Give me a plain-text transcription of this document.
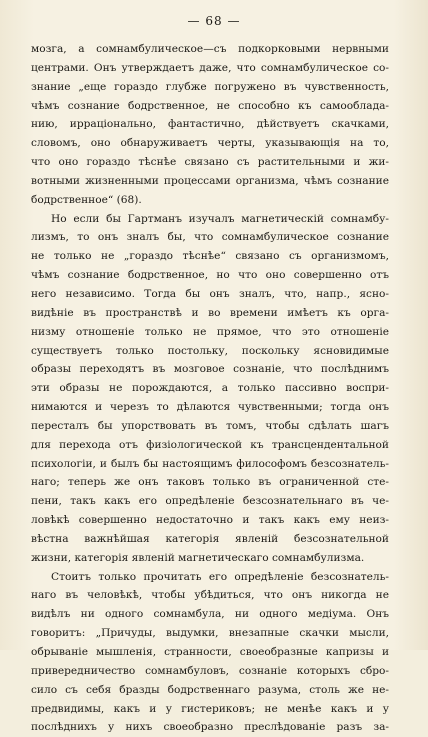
— 68 —
мозга, а сомнамбулическое—съ подкорковыми нервными
центрами. Онъ утверждаетъ даже, что сомнамбулическое со-
знание „еще гораздо глубже погружено въ чувственность,
чѣмъ сознание бодрственное, не способно къ самооблада-
нию, ирраціонально, фантастично, дѣйствуетъ скачками,
словомъ, оно обнаруживаетъ черты, указывающія на то,
что оно гораздо тѣснѣе связано съ растительными и жи-
вотными жизненными процессами организма, чѣмъ сознание
бодрственное“ (68).
Но если бы Гартманъ изучалъ магнетическій сомнамбу-
лизмъ, то онъ зналъ бы, что сомнамбулическое сознание
не только не „гораздо тѣснѣе“ связано съ организмомъ,
чѣмъ сознание бодрственное, но что оно совершенно отъ
него независимо. Тогда бы онъ зналъ, что, напр., ясно-
видѣніе въ пространствѣ и во времени имѣетъ къ орга-
низму отношеніе только не прямое, что это отношеніе
существуетъ только постольку, поскольку ясновидимые
образы переходятъ въ мозговое сознаніе, что послѣднимъ
эти образы не порождаются, а только пассивно воспри-
нимаются и черезъ то дѣлаются чувственными; тогда онъ
пересталъ бы упорствовать въ томъ, чтобы сдѣлать шагъ
для перехода отъ физіологической къ трансцендентальной
психологіи, и былъ бы настоящимъ философомъ безсознатель-
наго; теперь же онъ таковъ только въ ограниченной сте-
пени, такъ какъ его опредѣленіе безсознательнаго въ че-
ловѣкѣ совершенно недостаточно и такъ какъ ему неиз-
вѣстна важнѣйшая категорія явленій безсознательной
жизни, категорія явленій магнетическаго сомнамбулизма.
Стоитъ только прочитать его опредѣленіе безсознатель-
наго въ человѣкѣ, чтобы убѣдиться, что онъ никогда не
видѣлъ ни одного сомнамбула, ни одного медіума. Онъ
говоритъ: „Причуды, выдумки, внезапные скачки мысли,
обрываніе мышленія, странности, своеобразные капризы и
привередничество сомнамбуловъ, сознаніе которыхъ сбро-
сило съ себя бразды бодрственнаго разума, столь же не-
предвидимы, какъ и у гистериковъ; не менѣе какъ и у
послѣднихъ у нихъ своеобразно преслѣдованіе разъ за-
